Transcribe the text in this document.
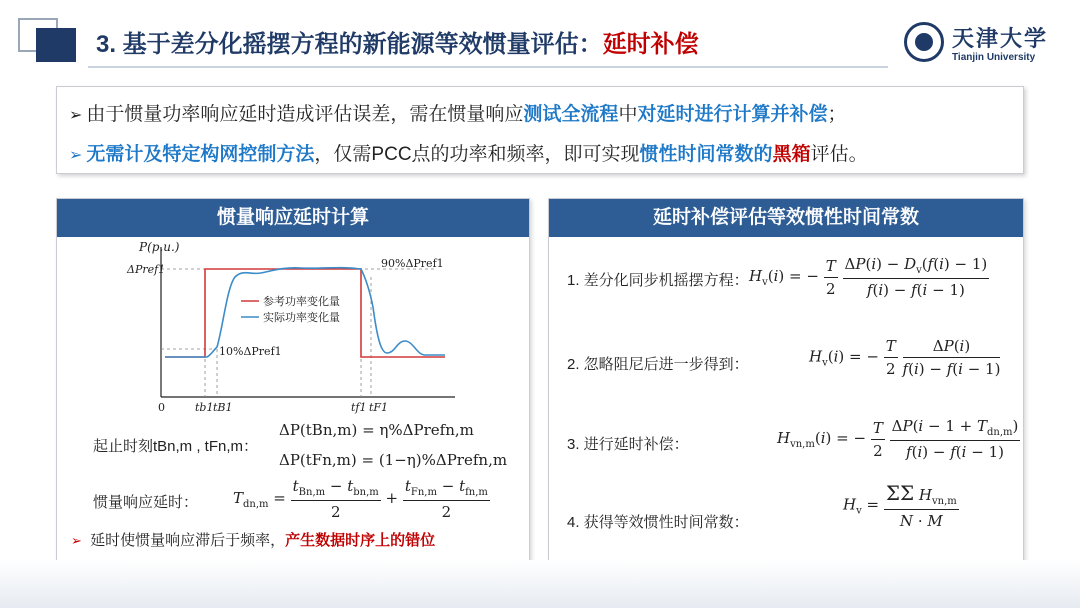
3. 基于差分化摇摆方程的新能源等效惯量评估：延时补偿	天津大学
Tianjin University
➢ 由于惯量功率响应延时造成评估误差，需在惯量响应测试全流程中对延时进行计算并补偿；
➢ 无需计及特定构网控制方法，仅需PCC点的功率和频率，即可实现惯性时间常数的黑箱评估。
惯量响应延时计算
P(p.u.)
ΔPref1	90%ΔPref1
10%ΔPref1
参考功率变化量
实际功率变化量
0	tb1 tB1	tf1 tF1
起止时刻tBn,m , tFn,m：
ΔP(tBn,m) = η%ΔPrefn,m
ΔP(tFn,m) = (1−η)%ΔPrefn,m
惯量响应延时： $T_{dn,m} = \frac{t_{Bn,m} - t_{bn,m}}{2} + \frac{t_{Fn,m} - t_{fn,m}}{2}$
➢ 延时使惯量响应滞后于频率，产生数据时序上的错位
延时补偿评估等效惯性时间常数
1. 差分化同步机摇摆方程： $H_v(i)$ = − $\frac{T}{2}$
$\frac{\Delta P(i) - D_v(f(i) - 1)}{f(i) - f(i - 1)}$
2. 忽略阻尼后进一步得到：	$H_v(i)$ = − $\frac{T}{2}$
$\frac{\Delta P(i)}{f(i) - f(i - 1)}$
3. 进行延时补偿：	$H_{vn,m}(i)$ = − $\frac{T}{2}$
$\frac{\Delta P(i - 1 + T_{dn,m})}{f(i) - f(i - 1)}$
4. 获得等效惯性时间常数：
$H_v = \frac{\Sigma\Sigma H_{vn,m}}{N \cdot M}$
